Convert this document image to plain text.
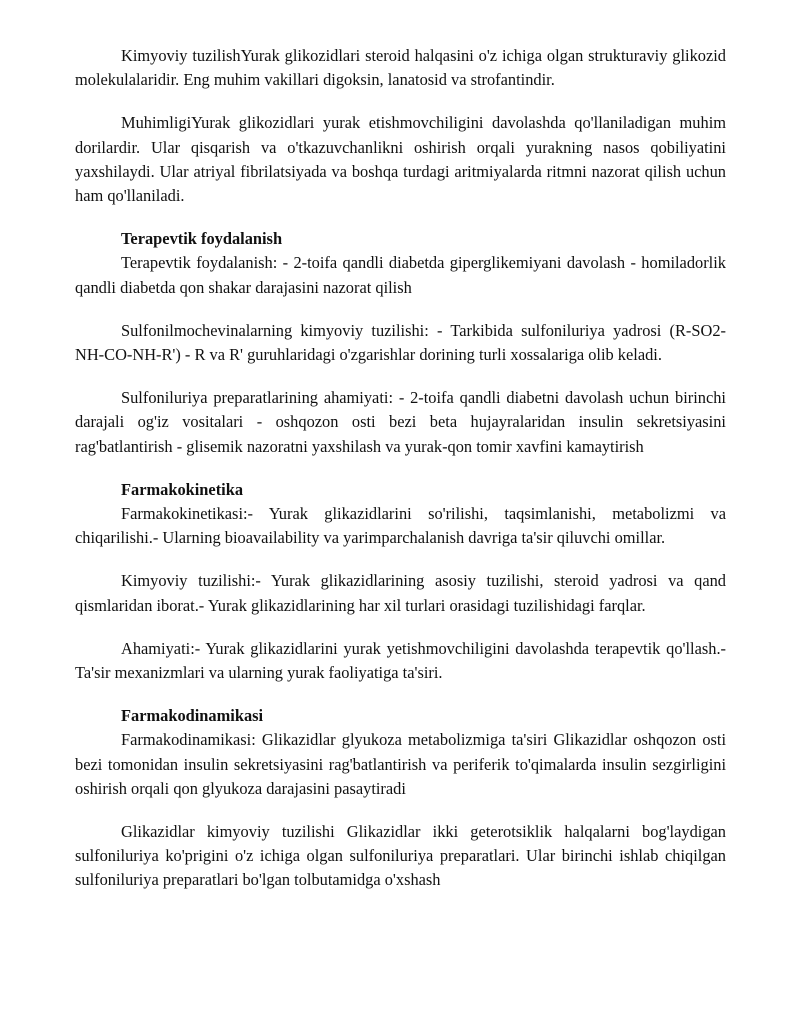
Kimyoviy tuzilishYurak glikozidlari steroid halqasini o'z ichiga olgan strukturaviy glikozid molekulalaridir. Eng muhim vakillari digoksin, lanatosid va strofantindir.

MuhimligiYurak glikozidlari yurak etishmovchiligini davolashda qo'llaniladigan muhim dorilardir. Ular qisqarish va o'tkazuvchanlikni oshirish orqali yurakning nasos qobiliyatini yaxshilaydi. Ular atriyal fibrilatsiyada va boshqa turdagi aritmiyalarda ritmni nazorat qilish uchun ham qo'llaniladi.

Terapevtik foydalanish

Terapevtik foydalanish: - 2-toifa qandli diabetda giperglikemiyani davolash - homiladorlik qandli diabetda qon shakar darajasini nazorat qilish

Sulfonilmochevinalarning kimyoviy tuzilishi: - Tarkibida sulfoniluriya yadrosi (R-SO2-NH-CO-NH-R') - R va R' guruhlaridagi o'zgarishlar dorining turli xossalariga olib keladi.

Sulfoniluriya preparatlarining ahamiyati: - 2-toifa qandli diabetni davolash uchun birinchi darajali og'iz vositalari - oshqozon osti bezi beta hujayralaridan insulin sekretsiyasini rag'batlantirish - glisemik nazoratni yaxshilash va yurak-qon tomir xavfini kamaytirish

Farmakokinetika

Farmakokinetikasi:- Yurak glikazidlarini so'rilishi, taqsimlanishi, metabolizmi va chiqarilishi.- Ularning bioavailability va yarimparchalanish davriga ta'sir qiluvchi omillar.

Kimyoviy tuzilishi:- Yurak glikazidlarining asosiy tuzilishi, steroid yadrosi va qand qismlaridan iborat.- Yurak glikazidlarining har xil turlari orasidagi tuzilishidagi farqlar.

Ahamiyati:- Yurak glikazidlarini yurak yetishmovchiligini davolashda terapevtik qo'llash.- Ta'sir mexanizmlari va ularning yurak faoliyatiga ta'siri.

Farmakodinamikasi

Farmakodinamikasi: Glikazidlar glyukoza metabolizmiga ta'siri Glikazidlar oshqozon osti bezi tomonidan insulin sekretsiyasini rag'batlantirish va periferik to'qimalarda insulin sezgirligini oshirish orqali qon glyukoza darajasini pasaytiradi

Glikazidlar kimyoviy tuzilishi Glikazidlar ikki geterotsiklik halqalarni bog'laydigan sulfoniluriya ko'prigini o'z ichiga olgan sulfoniluriya preparatlari. Ular birinchi ishlab chiqilgan sulfoniluriya preparatlari bo'lgan tolbutamidga o'xshash
